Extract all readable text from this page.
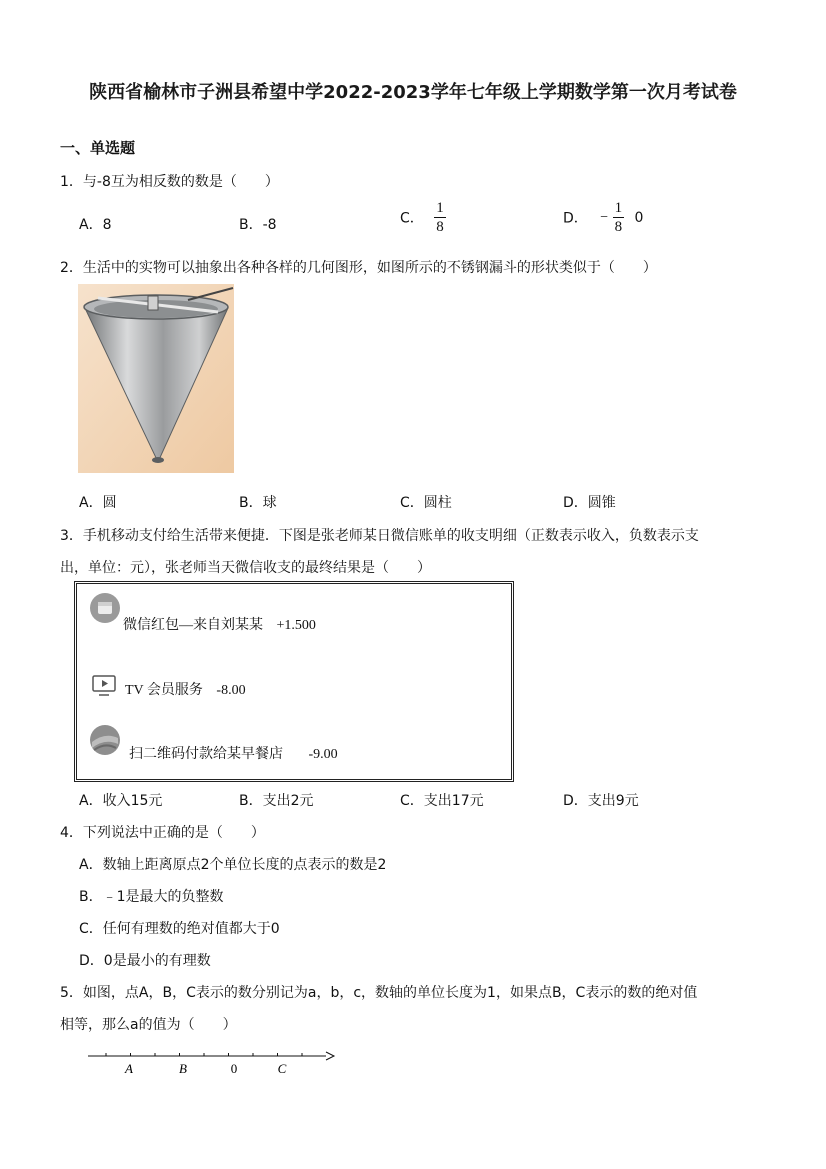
陕西省榆林市子洲县希望中学2022-2023学年七年级上学期数学第一次月考试卷
一、单选题
1．与-8互为相反数的数是（　　）
A．8	B．-8	C． $\frac{1}{8}$	D． − $\frac{1}{8} 0$
2．生活中的实物可以抽象出各种各样的几何图形，如图所示的不锈钢漏斗的形状类似于（　　）
A．圆	B．球	C．圆柱	D．圆锥
3．手机移动支付给生活带来便捷．下图是张老师某日微信账单的收支明细（正数表示收入，负数表示支
出，单位：元），张老师当天微信收支的最终结果是（　　）
微信红包—来自刘某某 +1.500
TV 会员服务 -8.00
扫二维码付款给某早餐店 -9.00
A．收入15元	B．支出2元	C．支出17元	D．支出9元
4．下列说法中正确的是（　　）
A．数轴上距离原点2个单位长度的点表示的数是2
B．﹣1是最大的负整数
C．任何有理数的绝对值都大于0
D．0是最小的有理数
5．如图，点A，B，C表示的数分别记为a，b，c，数轴的单位长度为1，如果点B，C表示的数的绝对值
相等，那么a的值为（　　）
A	B	0	C
